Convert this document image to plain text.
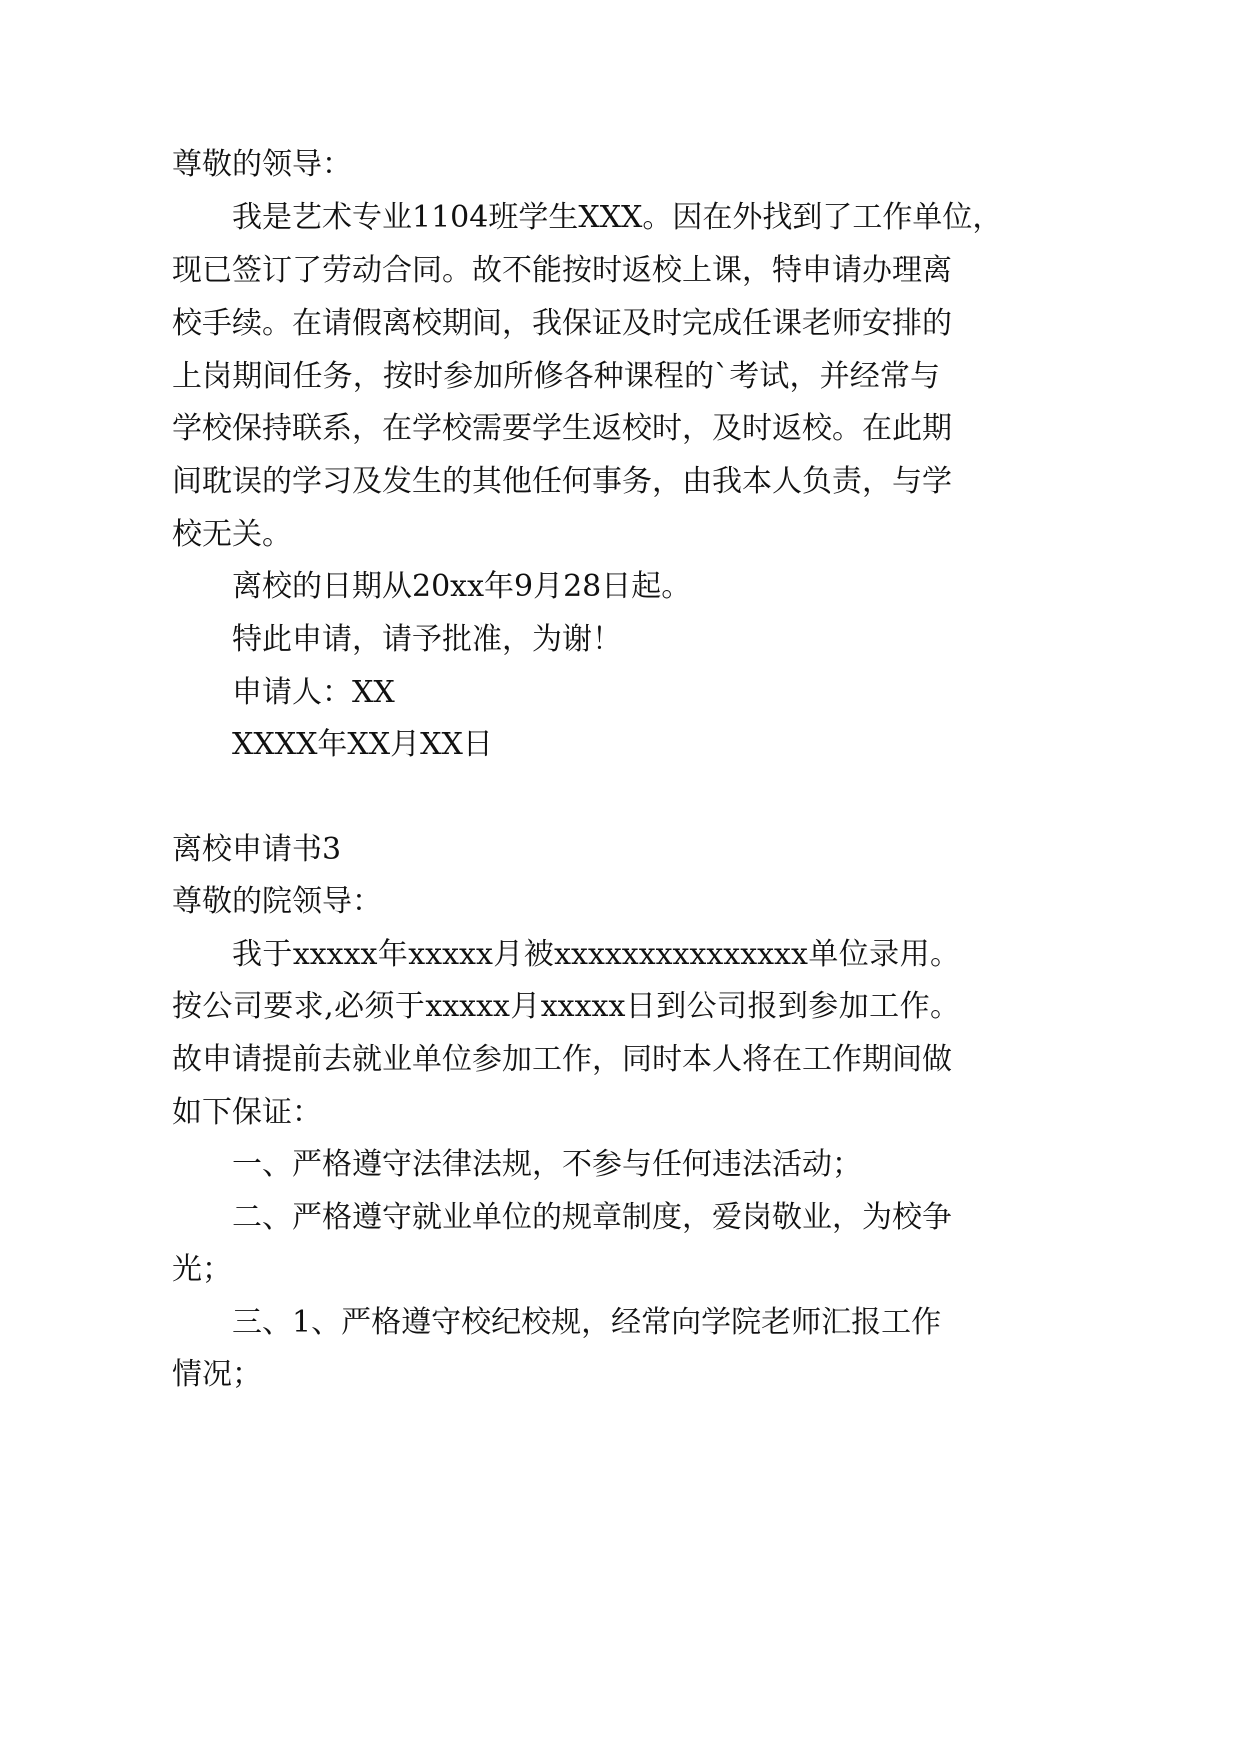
尊敬的领导：
我是艺术专业1104班学生XXX。因在外找到了工作单位，
现已签订了劳动合同。故不能按时返校上课，特申请办理离
校手续。在请假离校期间，我保证及时完成任课老师安排的
上岗期间任务，按时参加所修各种课程的`考试，并经常与
学校保持联系，在学校需要学生返校时，及时返校。在此期
间耽误的学习及发生的其他任何事务，由我本人负责，与学
校无关。
离校的日期从20xx年9月28日起。
特此申请，请予批准，为谢！
申请人：XX
XXXX年XX月XX日
离校申请书3
尊敬的院领导：
我于xxxxx年xxxxx月被xxxxxxxxxxxxxxx单位录用。
按公司要求,必须于xxxxx月xxxxx日到公司报到参加工作。
故申请提前去就业单位参加工作，同时本人将在工作期间做
如下保证：
一、严格遵守法律法规，不参与任何违法活动；
二、严格遵守就业单位的规章制度，爱岗敬业，为校争
光；
三、1、严格遵守校纪校规，经常向学院老师汇报工作
情况；
